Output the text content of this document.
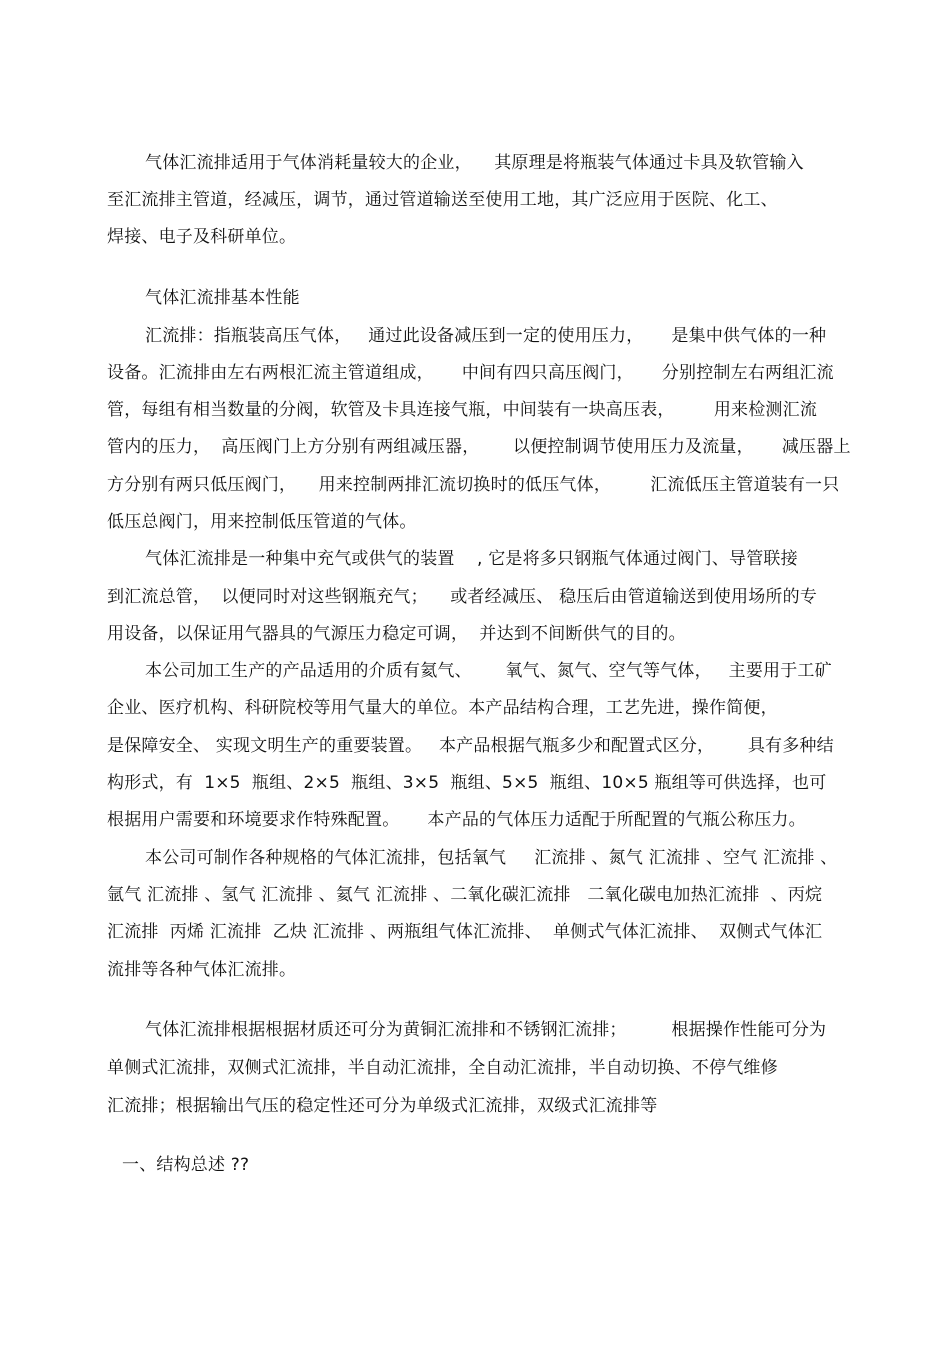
气体汇流排适用于气体消耗量较大的企业，    其原理是将瓶装气体通过卡具及软管输入
至汇流排主管道，经减压，调节，通过管道输送至使用工地，其广泛应用于医院、化工、
焊接、电子及科研单位。
气体汇流排基本性能
汇流排：指瓶装高压气体，   通过此设备减压到一定的使用压力，     是集中供气体的一种
设备。汇流排由左右两根汇流主管道组成，     中间有四只高压阀门，     分别控制左右两组汇流
管，每组有相当数量的分阀，软管及卡具连接气瓶，中间装有一块高压表，       用来检测汇流
管内的压力，  高压阀门上方分别有两组减压器，      以便控制调节使用压力及流量，     减压器上
方分别有两只低压阀门，    用来控制两排汇流切换时的低压气体，       汇流低压主管道装有一只
低压总阀门，用来控制低压管道的气体。
气体汇流排是一种集中充气或供气的装置    , 它是将多只钢瓶气体通过阀门、导管联接
到汇流总管，  以便同时对这些钢瓶充气；    或者经减压、 稳压后由管道输送到使用场所的专
用设备，以保证用气器具的气源压力稳定可调，  并达到不间断供气的目的。
本公司加工生产的产品适用的介质有氦气、      氧气、氮气、空气等气体，   主要用于工矿
企业、医疗机构、科研院校等用气量大的单位。本产品结构合理，工艺先进，操作简便，
是保障安全、 实现文明生产的重要装置。   本产品根据气瓶多少和配置式区分，      具有多种结
构形式，有  1×5  瓶组、2×5  瓶组、3×5  瓶组、5×5  瓶组、10×5 瓶组等可供选择，也可
根据用户需要和环境要求作特殊配置。     本产品的气体压力适配于所配置的气瓶公称压力。
本公司可制作各种规格的气体汇流排，包括氧气     汇流排 、氮气 汇流排 、空气 汇流排 、
氩气 汇流排 、氢气 汇流排 、氦气 汇流排 、二氧化碳汇流排   二氧化碳电加热汇流排  、丙烷
汇流排  丙烯 汇流排  乙炔 汇流排 、两瓶组气体汇流排、  单侧式气体汇流排、  双侧式气体汇
流排等各种气体汇流排。
气体汇流排根据根据材质还可分为黄铜汇流排和不锈钢汇流排；        根据操作性能可分为
单侧式汇流排，双侧式汇流排，半自动汇流排，全自动汇流排，半自动切换、不停气维修
汇流排；根据输出气压的稳定性还可分为单级式汇流排，双级式汇流排等
一、结构总述 ??
